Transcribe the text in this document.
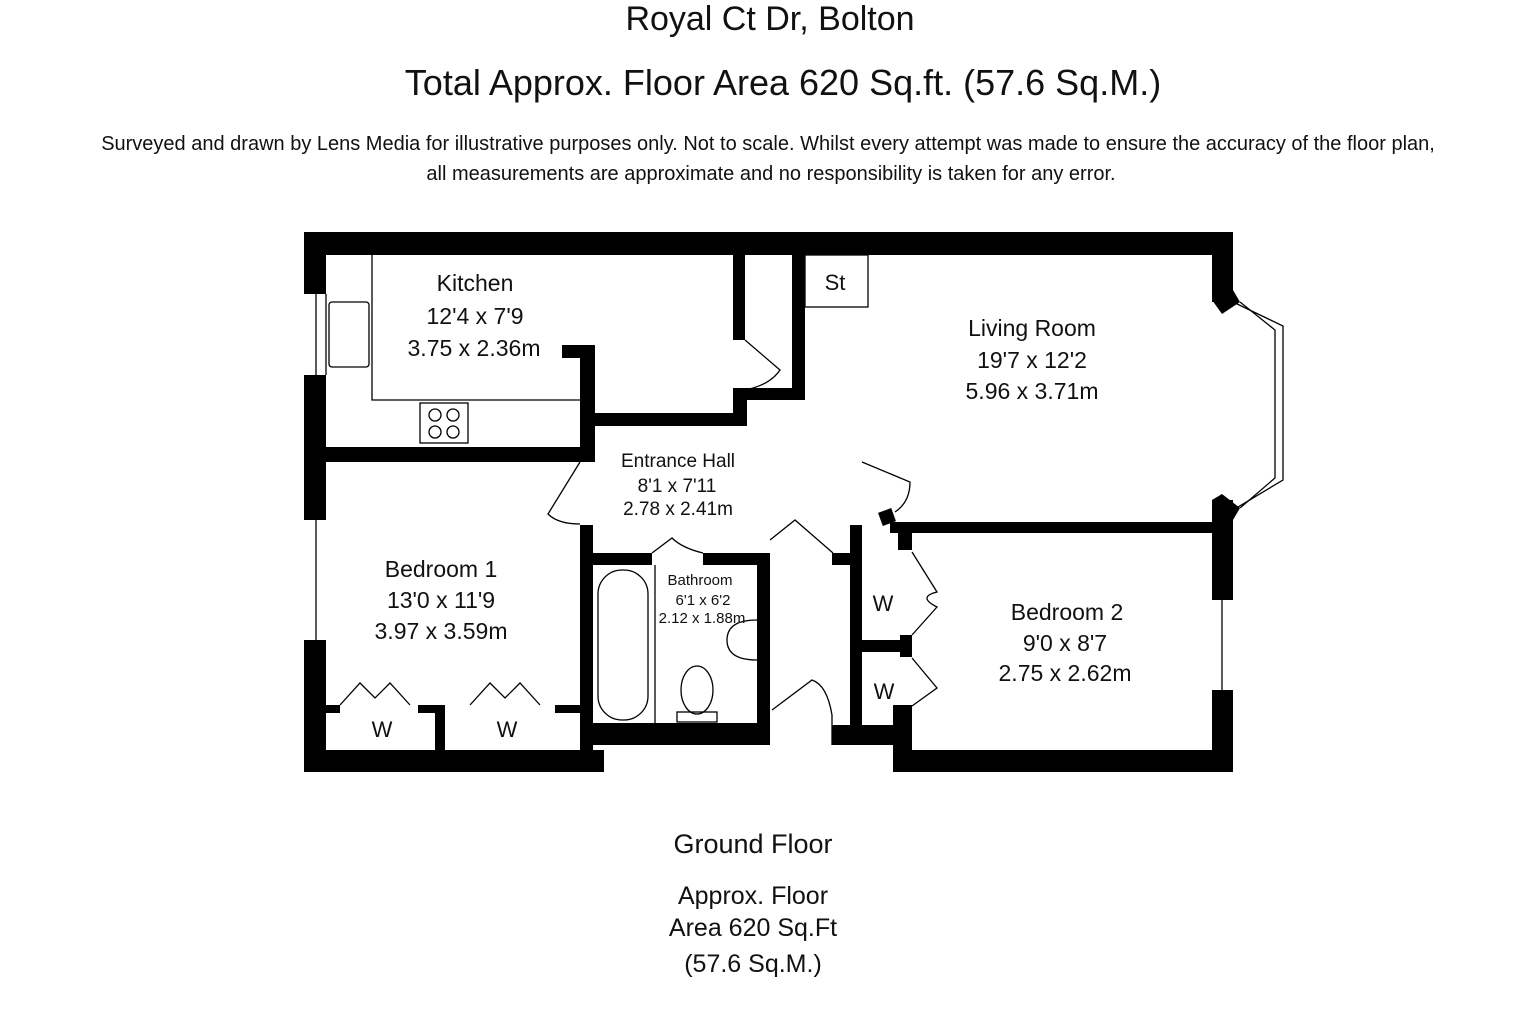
Royal Ct Dr, Bolton
Total Approx. Floor Area 620 Sq.ft. (57.6 Sq.M.)
Surveyed and drawn by Lens Media for illustrative purposes only. Not to scale. Whilst every attempt was made to ensure the accuracy of the floor plan,
all measurements are approximate and no responsibility is taken for any error.
Kitchen
12'4 x 7'9
3.75 x 2.36m
Living Room
19'7 x 12'2
5.96 x 3.71m
Entrance Hall
8'1 x 7'11
2.78 x 2.41m
Bedroom 1
13'0 x 11'9
3.97 x 3.59m
Bathroom
6'1 x 6'2
2.12 x 1.88m	Bedroom 2
9'0 x 8'7
2.75 x 2.62m
St
W	W
W
W
Ground Floor
Approx. Floor
Area 620 Sq.Ft
(57.6 Sq.M.)
